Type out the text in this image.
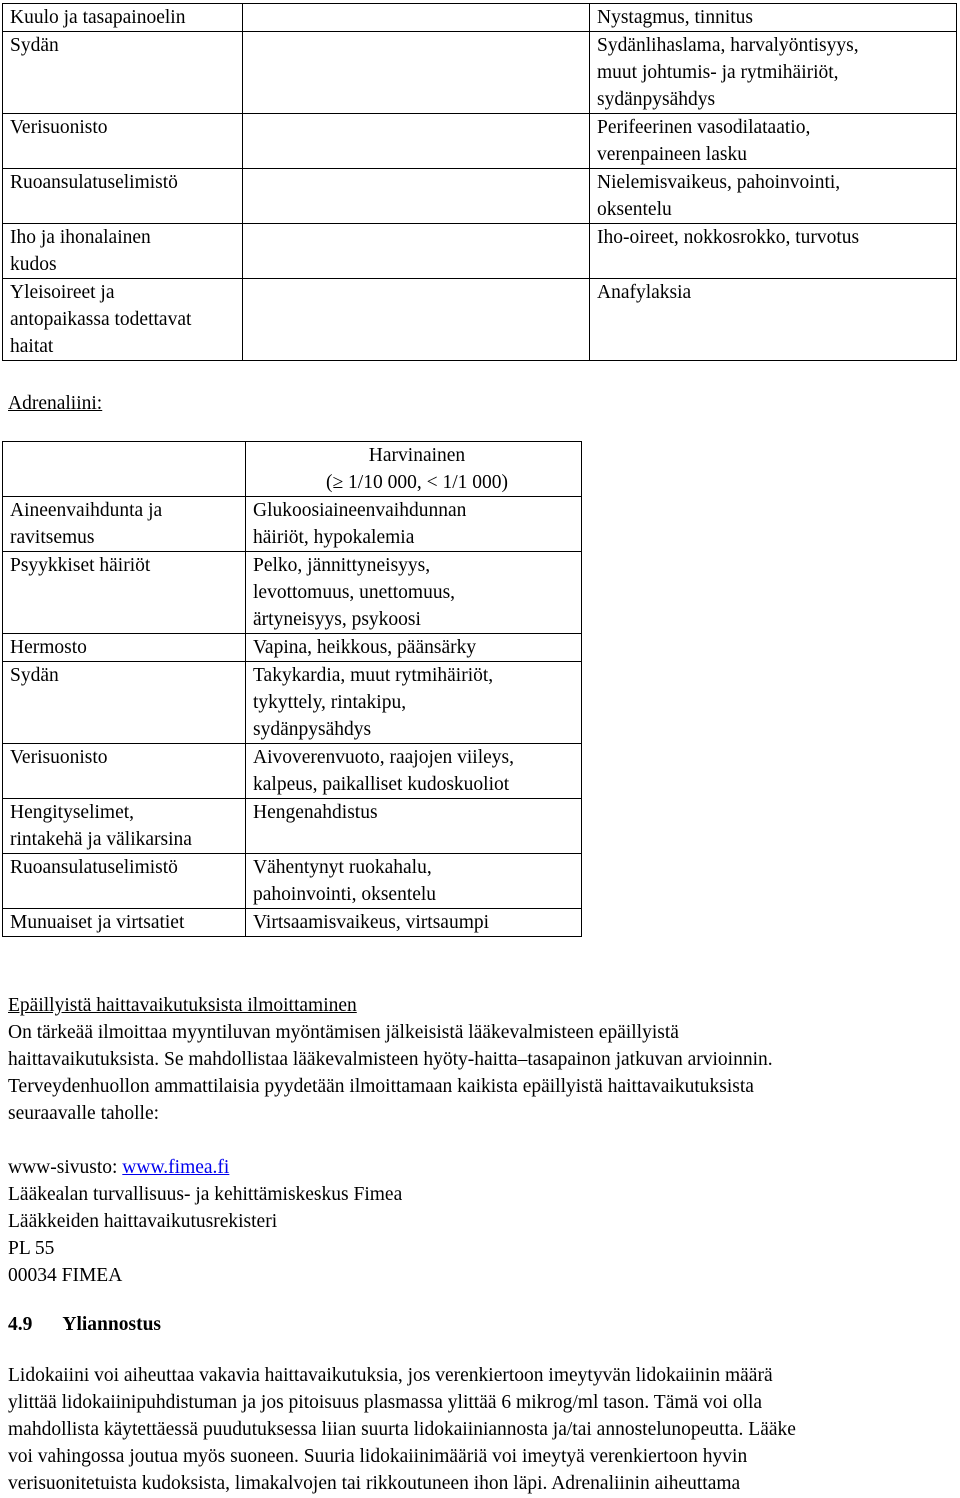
Kuulo ja tasapainoelin		Nystagmus, tinnitus
Sydän		Sydänlihaslama, harvalyöntisyys,
muut johtumis- ja rytmihäiriöt,
sydänpysähdys
Verisuonisto		Perifeerinen vasodilataatio,
verenpaineen lasku
Ruoansulatuselimistö		Nielemisvaikeus, pahoinvointi,
oksentelu
Iho ja ihonalainen
kudos		Iho-oireet, nokkosrokko, turvotus
Yleisoireet ja
antopaikassa todettavat
haitat		Anafylaksia
Adrenaliini:

	Harvinainen
(≥ 1/10 000, < 1/1 000)

Aineenvaihdunta ja
ravitsemus	Glukoosiaineenvaihdunnan
häiriöt, hypokalemia
Psyykkiset häiriöt	Pelko, jännittyneisyys,
levottomuus, unettomuus,
ärtyneisyys, psykoosi
Hermosto	Vapina, heikkous, päänsärky
Sydän	Takykardia, muut rytmihäiriöt,
tykyttely, rintakipu,
sydänpysähdys
Verisuonisto	Aivoverenvuoto, raajojen viileys,
kalpeus, paikalliset kudoskuoliot
Hengityselimet,
rintakehä ja välikarsina	Hengenahdistus
Ruoansulatuselimistö	Vähentynyt ruokahalu,
pahoinvointi, oksentelu
Munuaiset ja virtsatiet	Virtsaamisvaikeus, virtsaumpi
Epäillyistä haittavaikutuksista ilmoittaminen
On tärkeää ilmoittaa myyntiluvan myöntämisen jälkeisistä lääkevalmisteen epäillyistä
haittavaikutuksista. Se mahdollistaa lääkevalmisteen hyöty-haitta–tasapainon jatkuvan arvioinnin.
Terveydenhuollon ammattilaisia pyydetään ilmoittamaan kaikista epäillyistä haittavaikutuksista
seuraavalle taholle:
www-sivusto: www.fimea.fi
Lääkealan turvallisuus- ja kehittämiskeskus Fimea
Lääkkeiden haittavaikutusrekisteri
PL 55
00034 FIMEA
4.9 Yliannostus
Lidokaiini voi aiheuttaa vakavia haittavaikutuksia, jos verenkiertoon imeytyvän lidokaiinin määrä
ylittää lidokaiinipuhdistuman ja jos pitoisuus plasmassa ylittää 6 mikrog/ml tason. Tämä voi olla
mahdollista käytettäessä puudutuksessa liian suurta lidokaiiniannosta ja/tai annostelunopeutta. Lääke
voi vahingossa joutua myös suoneen. Suuria lidokaiinimääriä voi imeytyä verenkiertoon hyvin
verisuonitetuista kudoksista, limakalvojen tai rikkoutuneen ihon läpi. Adrenaliinin aiheuttama
